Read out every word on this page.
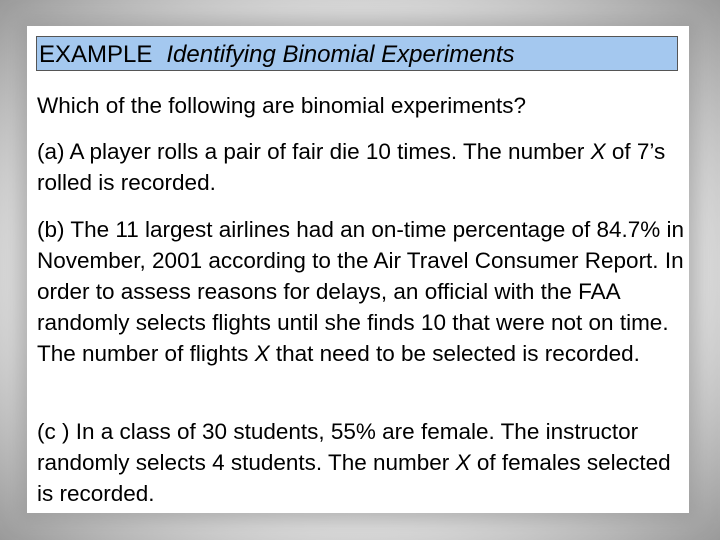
EXAMPLE Identifying Binomial Experiments
Which of the following are binomial experiments?
(a) A player rolls a pair of fair die 10 times. The number X of 7’s rolled is recorded.
(b) The 11 largest airlines had an on-time percentage of 84.7% in November, 2001 according to the Air Travel Consumer Report. In order to assess reasons for delays, an official with the FAA randomly selects flights until she finds 10 that were not on time. The number of flights X that need to be selected is recorded.
(c ) In a class of 30 students, 55% are female. The instructor randomly selects 4 students. The number X of females selected is recorded.
